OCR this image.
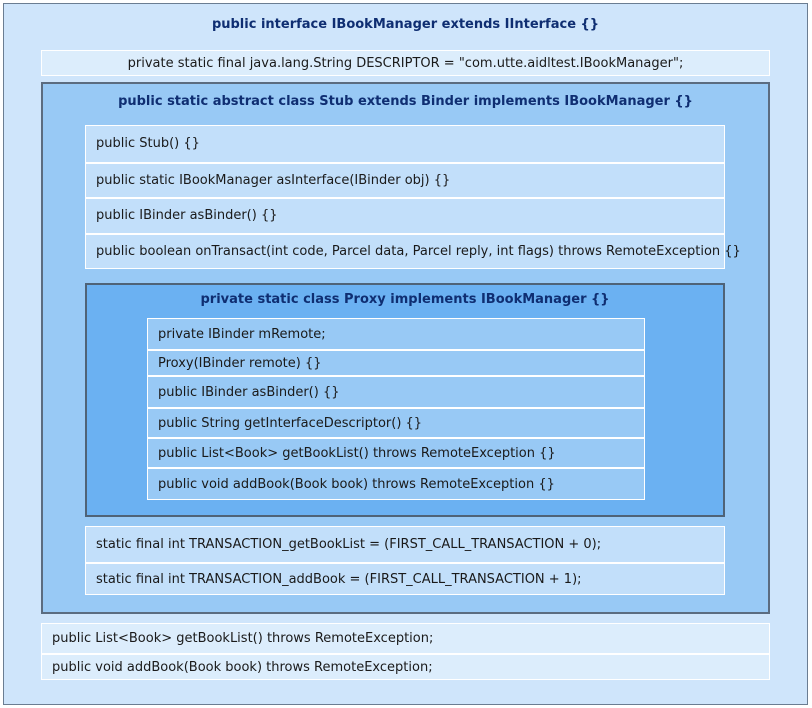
public interface IBookManager extends IInterface {}
private static final java.lang.String DESCRIPTOR = "com.utte.aidltest.IBookManager";
public static abstract class Stub extends Binder implements IBookManager {}
public Stub() {}
public static IBookManager asInterface(IBinder obj) {}
public IBinder asBinder() {}
public boolean onTransact(int code, Parcel data, Parcel reply, int flags) throws RemoteException {}
private static class Proxy implements IBookManager {}
private IBinder mRemote;
Proxy(IBinder remote) {}
public IBinder asBinder() {}
public String getInterfaceDescriptor() {}
public List<Book> getBookList() throws RemoteException {}
public void addBook(Book book) throws RemoteException {}
static final int TRANSACTION_getBookList = (FIRST_CALL_TRANSACTION + 0);
static final int TRANSACTION_addBook = (FIRST_CALL_TRANSACTION + 1);
public List<Book> getBookList() throws RemoteException;
public void addBook(Book book) throws RemoteException;
